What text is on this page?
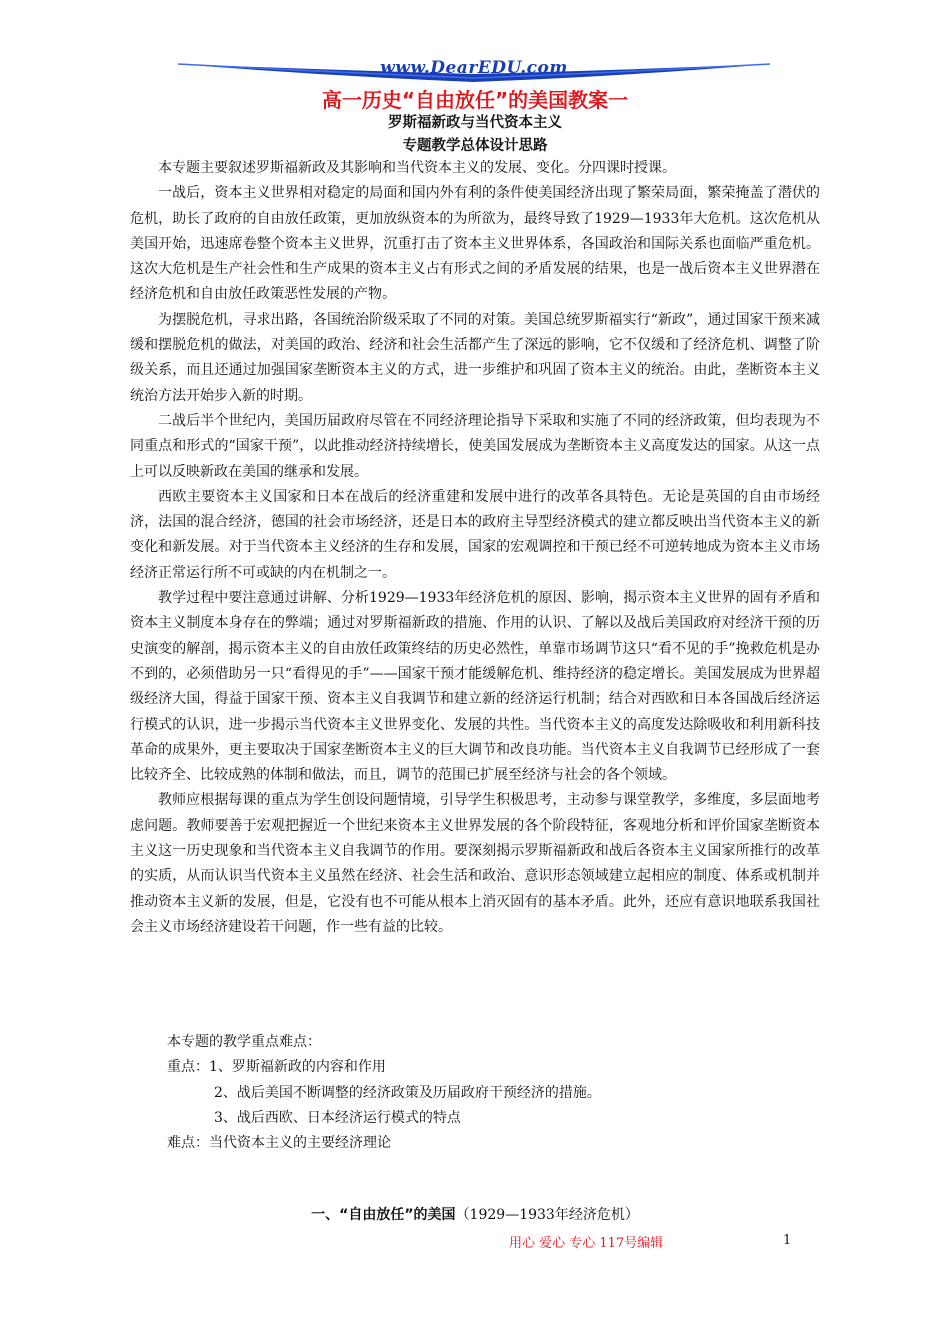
www.DearEDU.com
高一历史“自由放任”的美国教案一
罗斯福新政与当代资本主义
专题教学总体设计思路

本专题主要叙述罗斯福新政及其影响和当代资本主义的发展、变化。分四课时授课。

一战后，资本主义世界相对稳定的局面和国内外有利的条件使美国经济出现了繁荣局面，繁荣掩盖了潜伏的危机，助长了政府的自由放任政策，更加放纵资本的为所欲为，最终导致了1929—1933年大危机。这次危机从美国开始，迅速席卷整个资本主义世界，沉重打击了资本主义世界体系，各国政治和国际关系也面临严重危机。这次大危机是生产社会性和生产成果的资本主义占有形式之间的矛盾发展的结果，也是一战后资本主义世界潜在经济危机和自由放任政策恶性发展的产物。

为摆脱危机，寻求出路，各国统治阶级采取了不同的对策。美国总统罗斯福实行“新政”，通过国家干预来减缓和摆脱危机的做法，对美国的政治、经济和社会生活都产生了深远的影响，它不仅缓和了经济危机、调整了阶级关系，而且还通过加强国家垄断资本主义的方式，进一步维护和巩固了资本主义的统治。由此，垄断资本主义统治方法开始步入新的时期。

二战后半个世纪内，美国历届政府尽管在不同经济理论指导下采取和实施了不同的经济政策，但均表现为不同重点和形式的“国家干预”，以此推动经济持续增长，使美国发展成为垄断资本主义高度发达的国家。从这一点上可以反映新政在美国的继承和发展。

西欧主要资本主义国家和日本在战后的经济重建和发展中进行的改革各具特色。无论是英国的自由市场经济，法国的混合经济，德国的社会市场经济，还是日本的政府主导型经济模式的建立都反映出当代资本主义的新变化和新发展。对于当代资本主义经济的生存和发展，国家的宏观调控和干预已经不可逆转地成为资本主义市场经济正常运行所不可或缺的内在机制之一。

教学过程中要注意通过讲解、分析1929—1933年经济危机的原因、影响，揭示资本主义世界的固有矛盾和资本主义制度本身存在的弊端；通过对罗斯福新政的措施、作用的认识、了解以及战后美国政府对经济干预的历史演变的解剖，揭示资本主义的自由放任政策终结的历史必然性，单靠市场调节这只“看不见的手”挽救危机是办不到的，必须借助另一只“看得见的手”——国家干预才能缓解危机、维持经济的稳定增长。美国发展成为世界超级经济大国，得益于国家干预、资本主义自我调节和建立新的经济运行机制；结合对西欧和日本各国战后经济运行模式的认识，进一步揭示当代资本主义世界变化、发展的共性。当代资本主义的高度发达除吸收和利用新科技革命的成果外，更主要取决于国家垄断资本主义的巨大调节和改良功能。当代资本主义自我调节已经形成了一套比较齐全、比较成熟的体制和做法，而且，调节的范围已扩展至经济与社会的各个领域。

教师应根据每课的重点为学生创设问题情境，引导学生积极思考，主动参与课堂教学，多维度，多层面地考虑问题。教师要善于宏观把握近一个世纪来资本主义世界发展的各个阶段特征，客观地分析和评价国家垄断资本主义这一历史现象和当代资本主义自我调节的作用。要深刻揭示罗斯福新政和战后各资本主义国家所推行的改革的实质，从而认识当代资本主义虽然在经济、社会生活和政治、意识形态领域建立起相应的制度、体系或机制并推动资本主义新的发展，但是，它没有也不可能从根本上消灭固有的基本矛盾。此外，还应有意识地联系我国社会主义市场经济建设若干问题，作一些有益的比较。

本专题的教学重点难点：
重点：1、罗斯福新政的内容和作用
2、战后美国不断调整的经济政策及历届政府干预经济的措施。
3、战后西欧、日本经济运行模式的特点
难点：当代资本主义的主要经济理论
一、“自由放任”的美国（1929—1933年经济危机）
用心 爱心 专心 117号编辑	1
